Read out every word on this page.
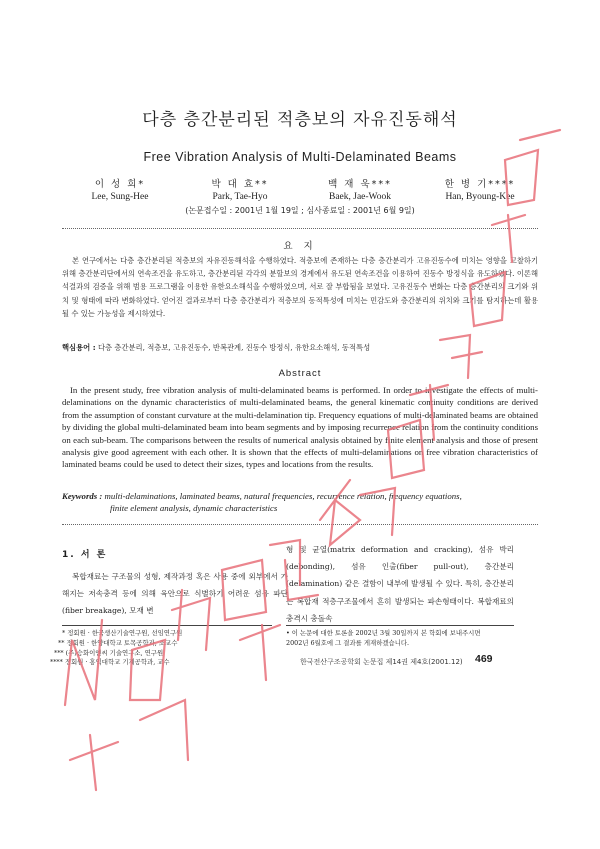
다층 층간분리된 적층보의 자유진동해석
Free Vibration Analysis of Multi-Delaminated Beams
이 성 희*
Lee, Sung-Hee
박 대 효**
Park, Tae-Hyo
백 재 욱***
Baek, Jae-Wook
한 병 기****
Han, Byoung-Kee
(논문접수일 : 2001년 1월 19일 ; 심사종료일 : 2001년 6월 9일)
요 지
본 연구에서는 다층 층간분리된 적층보의 자유진동해석을 수행하였다. 적층보에 존재하는 다층 층간분리가 고유진동수에 미치는 영향을 고찰하기 위해 층간분리단에서의 연속조건을 유도하고, 층간분리된 각각의 분할보의 경계에서 유도된 연속조건을 이용하여 진동수 방정식을 유도하였다. 이론해석결과의 검증을 위해 범용 프로그램을 이용한 유한요소해석을 수행하였으며, 서로 잘 부합됨을 보였다. 고유진동수 변화는 다층 층간분리의 크기와 위치 및 형태에 따라 변화하였다. 얻어진 결과로부터 다층 층간분리가 적층보의 동적특성에 미치는 민감도와 층간분리의 위치와 크기를 탐지하는데 활용될 수 있는 가능성을 제시하였다.
핵심용어 : 다층 층간분리, 적층보, 고유진동수, 반복관계, 진동수 방정식, 유한요소해석, 동적특성
Abstract
In the present study, free vibration analysis of multi-delaminated beams is performed. In order to investigate the effects of multi-delaminations on the dynamic characteristics of multi-delaminated beams, the general kinematic continuity conditions are derived from the assumption of constant curvature at the multi-delamination tip. Frequency equations of multi-delaminated beams are obtained by dividing the global multi-delaminated beam into beam segments and by imposing recurrence relation from the continuity conditions on each sub-beam. The comparisons between the results of numerical analysis obtained by finite element analysis and those of present analysis give good agreement with each other. It is shown that the effects of multi-delaminations on free vibration characteristics of laminated beams could be used to detect their sizes, types and locations from the results.
Keywords : multi-delaminations, laminated beams, natural frequencies, recurrence relation, frequency equations,
finite element analysis, dynamic characteristics
1. 서 론
복합재료는 구조물의 성형, 제작과정 혹은 사용 중에 외부에서 가해지는 저속충격 등에 의해 육안으로 식별하기 어려운 섬유 파단(fiber breakage), 모재 변
형 및 균열(matrix deformation and cracking), 섬유 박리(debonding), 섬유 인출(fiber pull-out), 층간분리(delamination) 같은 결함이 내부에 발생될 수 있다. 특히, 층간분리는 복합재 적층구조물에서 흔히 발생되는 파손형태이다. 복합재료의 충격시 충돌속
* 정회원 · 한국생산기술연구원, 선임연구원
** 정회원 · 한양대학교 토목공학과, 조교수
*** (주)승화이엔씨 기술연구소, 연구원
**** 정회원 · 홍익대학교 기계공학과, 교수
• 이 논문에 대한 토론을 2002년 3월 30일까지 본 학회에 보내주시면 2002년 6월호에 그 결과를 게재하겠습니다.
한국전산구조공학회 논문집 제14권 제4호(2001.12) 469
